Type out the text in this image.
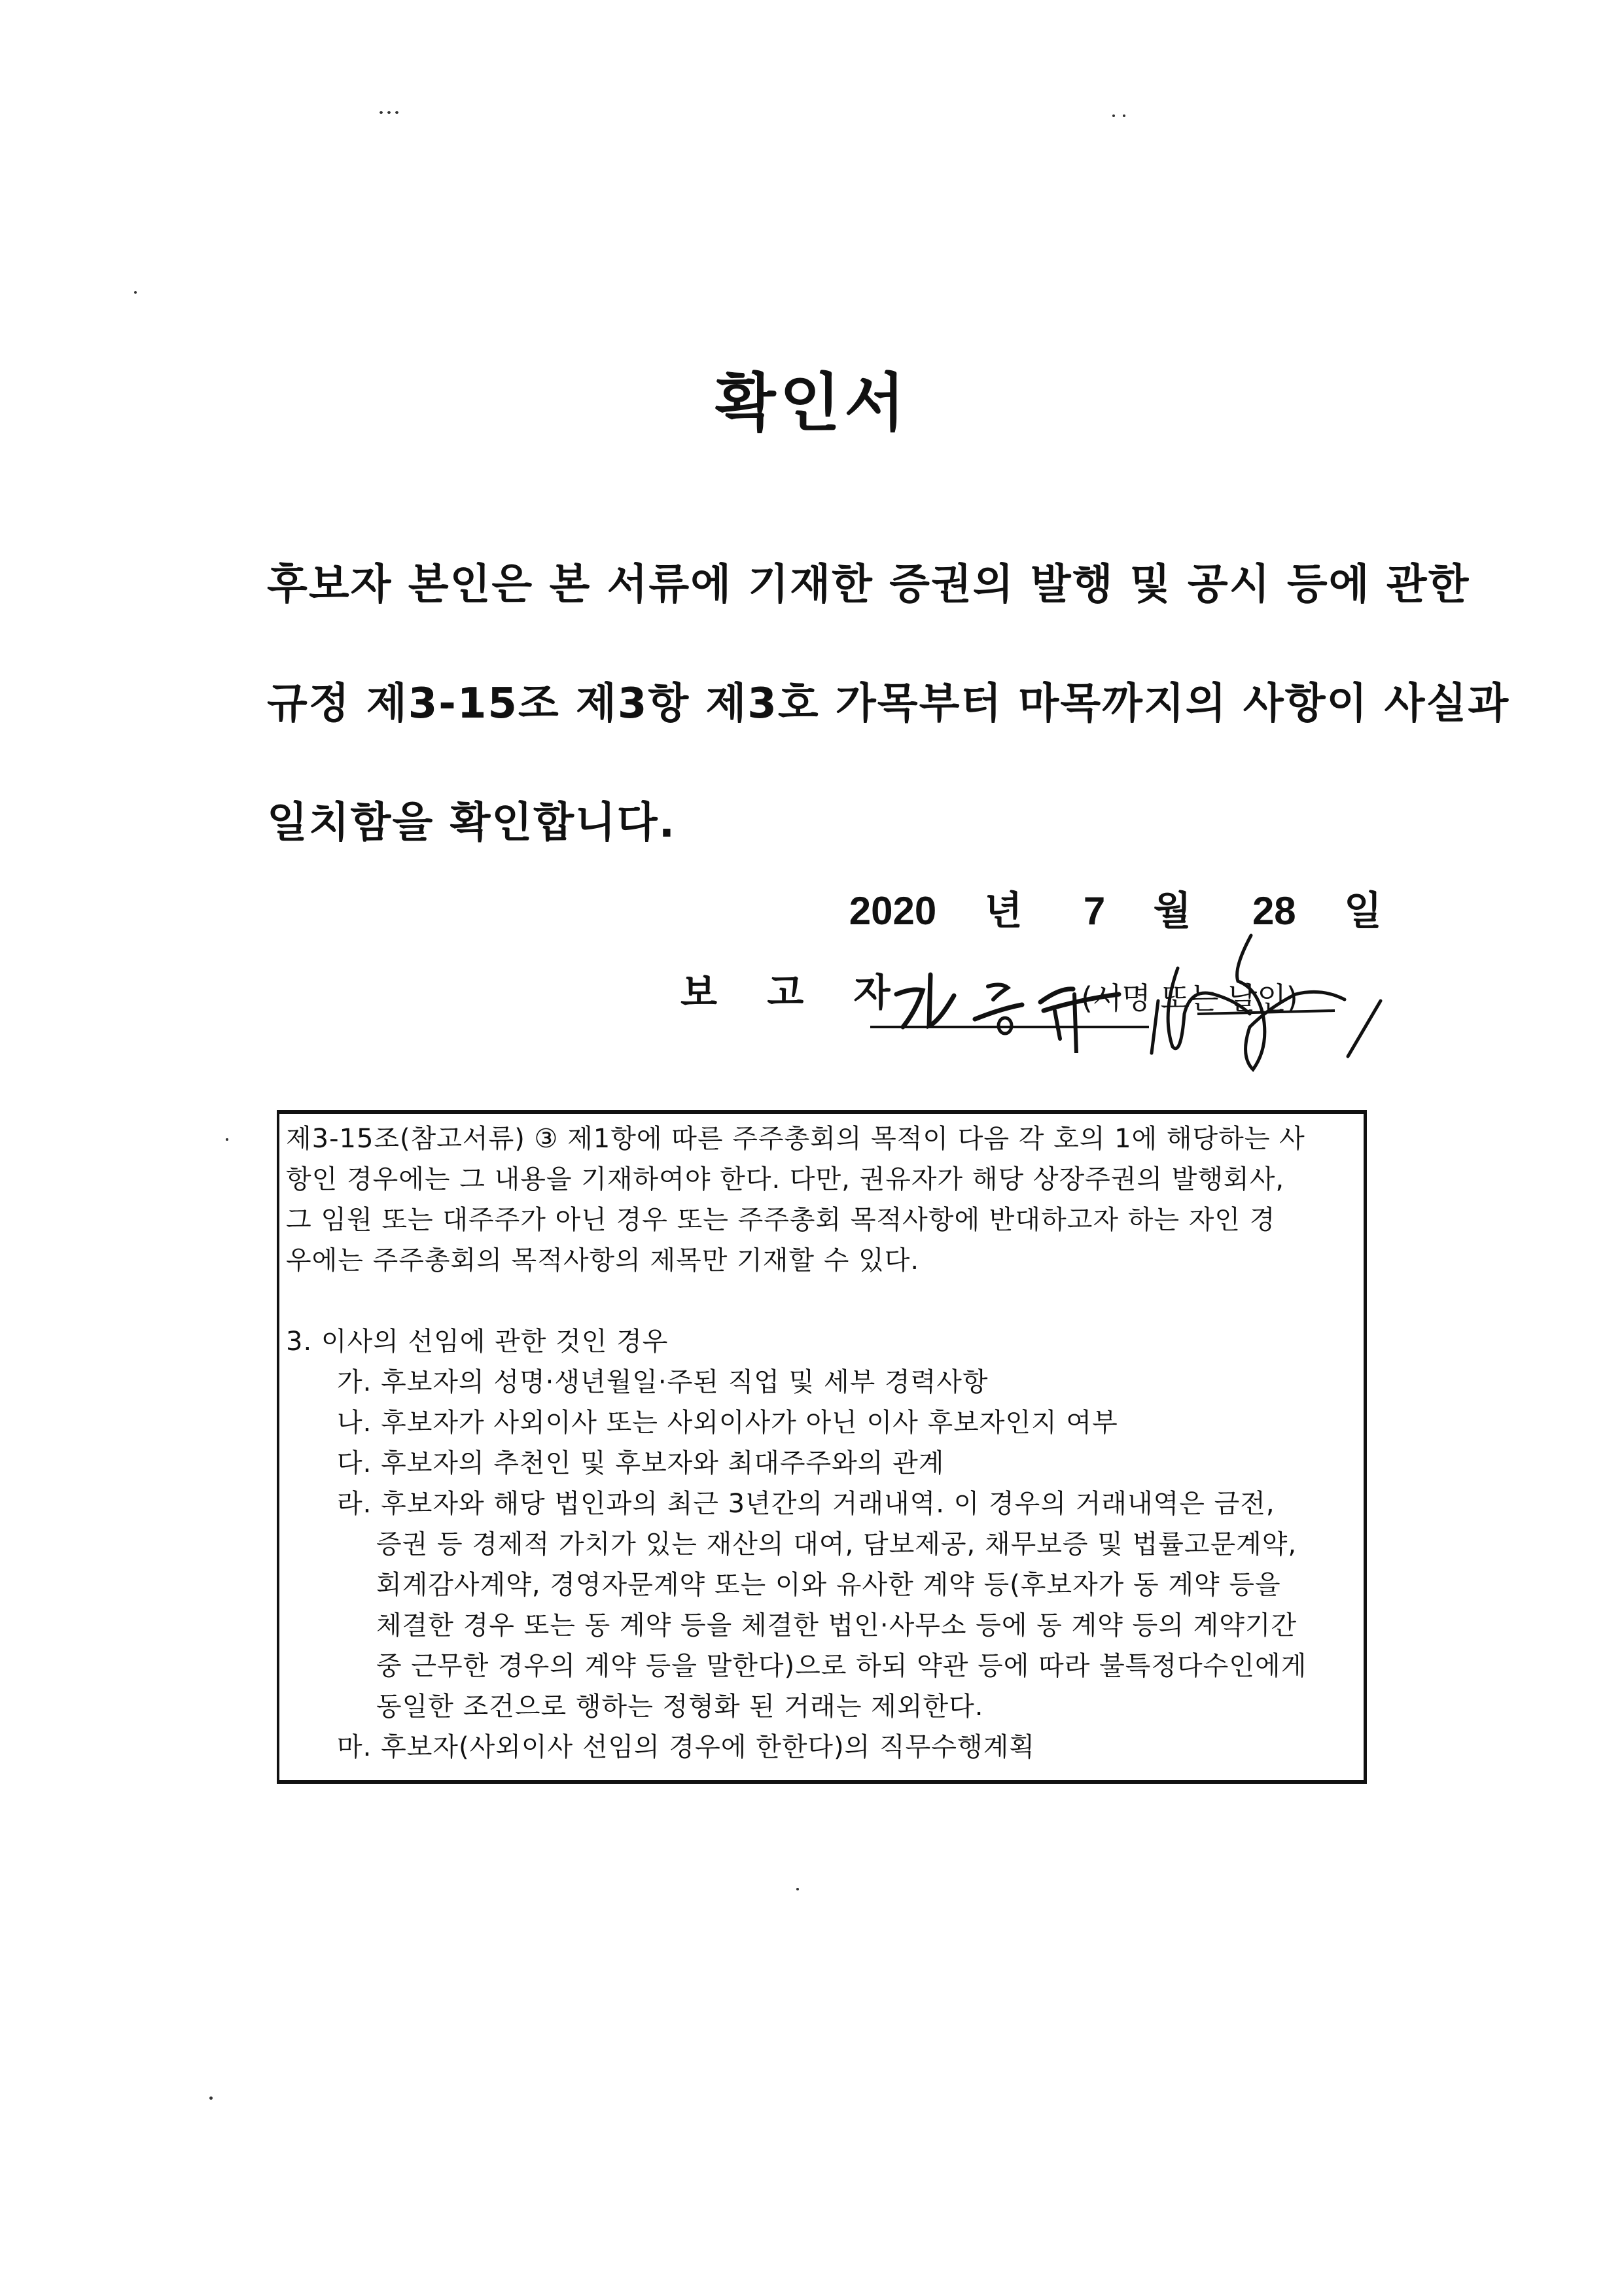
확인서
후보자 본인은 본 서류에 기재한 증권의 발행 및 공시 등에 관한
규정 제3-15조 제3항 제3호 가목부터 마목까지의 사항이 사실과
일치함을 확인합니다.
2020 년 7 월 28 일
보 고 자	(서명 또는 날인)
제3-15조(참고서류) ③ 제1항에 따른 주주총회의 목적이 다음 각 호의 1에 해당하는 사
항인 경우에는 그 내용을 기재하여야 한다. 다만, 권유자가 해당 상장주권의 발행회사,
그 임원 또는 대주주가 아닌 경우 또는 주주총회 목적사항에 반대하고자 하는 자인 경
우에는 주주총회의 목적사항의 제목만 기재할 수 있다.
3. 이사의 선임에 관한 것인 경우
가. 후보자의 성명·생년월일·주된 직업 및 세부 경력사항
나. 후보자가 사외이사 또는 사외이사가 아닌 이사 후보자인지 여부
다. 후보자의 추천인 및 후보자와 최대주주와의 관계
라. 후보자와 해당 법인과의 최근 3년간의 거래내역. 이 경우의 거래내역은 금전,
증권 등 경제적 가치가 있는 재산의 대여, 담보제공, 채무보증 및 법률고문계약,
회계감사계약, 경영자문계약 또는 이와 유사한 계약 등(후보자가 동 계약 등을
체결한 경우 또는 동 계약 등을 체결한 법인·사무소 등에 동 계약 등의 계약기간
중 근무한 경우의 계약 등을 말한다)으로 하되 약관 등에 따라 불특정다수인에게
동일한 조건으로 행하는 정형화 된 거래는 제외한다.
마. 후보자(사외이사 선임의 경우에 한한다)의 직무수행계획
